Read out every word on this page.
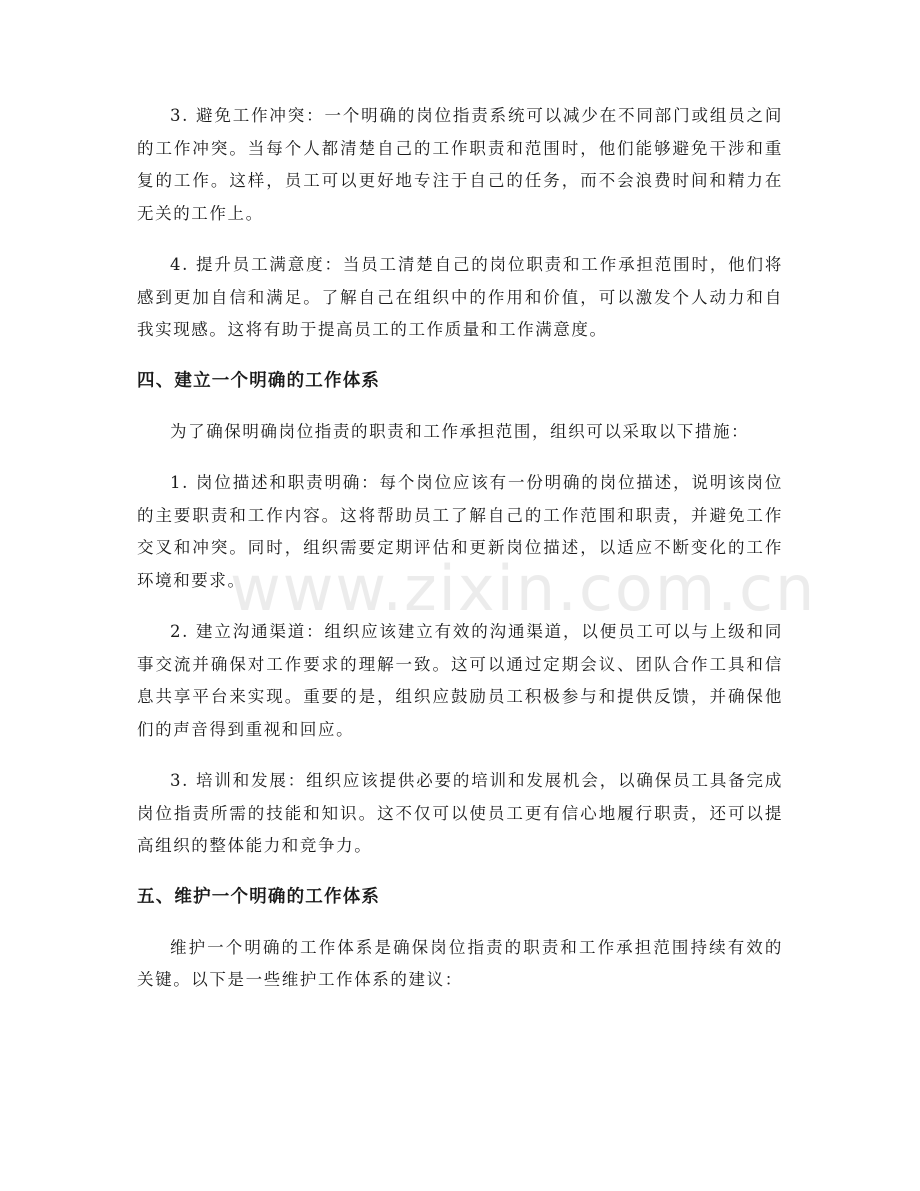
www.zixin.com.cn

3. 避免工作冲突：一个明确的岗位指责系统可以减少在不同部门或组员之间的工作冲突。当每个人都清楚自己的工作职责和范围时，他们能够避免干涉和重复的工作。这样，员工可以更好地专注于自己的任务，而不会浪费时间和精力在无关的工作上。

4. 提升员工满意度：当员工清楚自己的岗位职责和工作承担范围时，他们将感到更加自信和满足。了解自己在组织中的作用和价值，可以激发个人动力和自我实现感。这将有助于提高员工的工作质量和工作满意度。

四、建立一个明确的工作体系

为了确保明确岗位指责的职责和工作承担范围，组织可以采取以下措施：

1. 岗位描述和职责明确：每个岗位应该有一份明确的岗位描述，说明该岗位的主要职责和工作内容。这将帮助员工了解自己的工作范围和职责，并避免工作交叉和冲突。同时，组织需要定期评估和更新岗位描述，以适应不断变化的工作环境和要求。

2. 建立沟通渠道：组织应该建立有效的沟通渠道，以便员工可以与上级和同事交流并确保对工作要求的理解一致。这可以通过定期会议、团队合作工具和信息共享平台来实现。重要的是，组织应鼓励员工积极参与和提供反馈，并确保他们的声音得到重视和回应。

3. 培训和发展：组织应该提供必要的培训和发展机会，以确保员工具备完成岗位指责所需的技能和知识。这不仅可以使员工更有信心地履行职责，还可以提高组织的整体能力和竞争力。

五、维护一个明确的工作体系

维护一个明确的工作体系是确保岗位指责的职责和工作承担范围持续有效的关键。以下是一些维护工作体系的建议：
